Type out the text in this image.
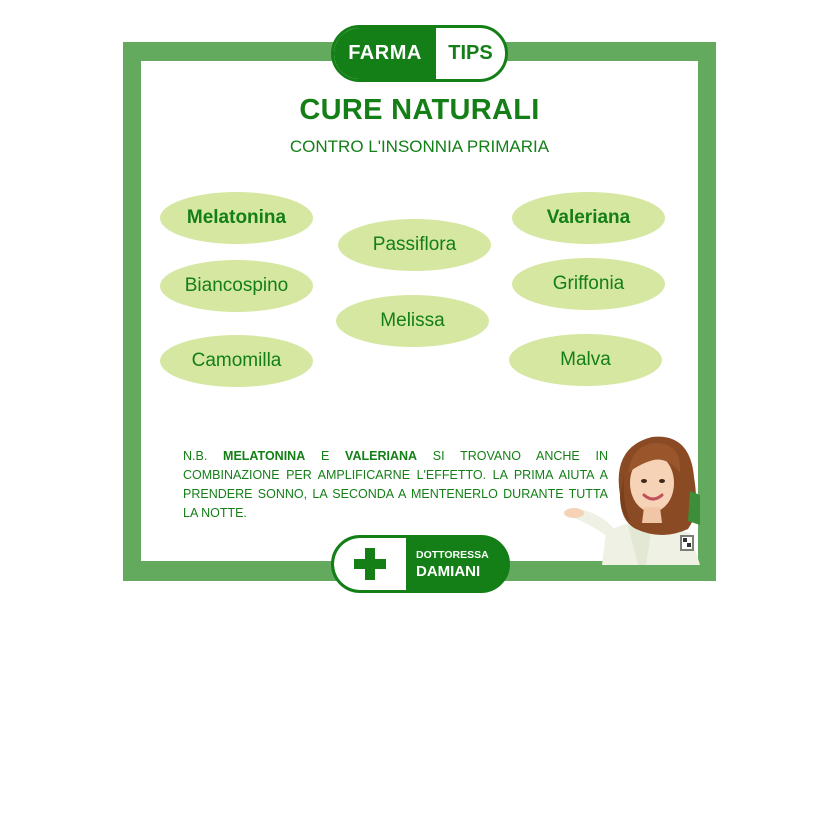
FARMA	TIPS
CURE NATURALI
CONTRO L'INSONNIA PRIMARIA
Melatonina	Valeriana
Passiflora
Biancospino	Griffonia
Melissa
Camomilla	Malva
N.B. MELATONINA E VALERIANA SI TROVANO ANCHE IN COMBINAZIONE PER AMPLIFICARNE L'EFFETTO. LA PRIMA AIUTA A PRENDERE SONNO, LA SECONDA A MENTENERLO DURANTE TUTTA LA NOTTE.
DOTTORESSA
DAMIANI
